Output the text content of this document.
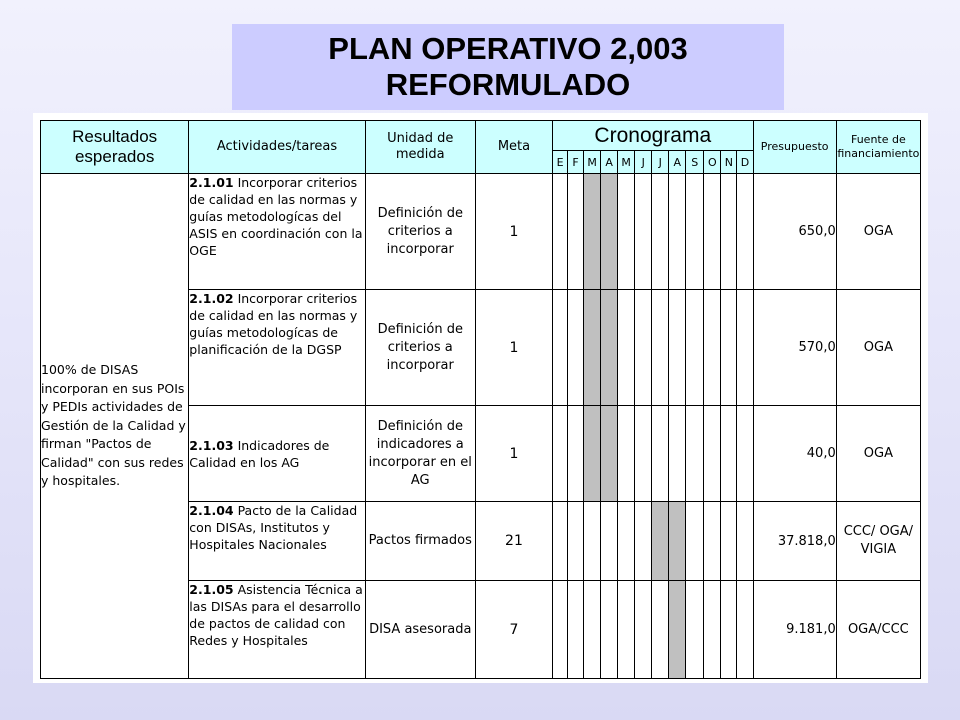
PLAN OPERATIVO 2,003
REFORMULADO
Resultados esperados	Actividades/tareas	Unidad de medida	Meta	Cronograma												Presupuesto	Fuente de financiamiento
				E	F	M	A	M	J	J	A	S	O	N	D		
100% de DISAS incorporan en sus POIs y PEDIs actividades de Gestión de la Calidad y firman "Pactos de Calidad" con sus redes y hospitales.	2.1.01 Incorporar criterios de calidad en las normas y guías metodologícas del ASIS en coordinación con la OGE	Definición de criterios a incorporar	1													650,0	OGA
	2.1.02 Incorporar criterios de calidad en las normas y guías metodologícas de planificación de la DGSP	Definición de criterios a incorporar	1													570,0	OGA
	2.1.03 Indicadores de Calidad en los AG	Definición de indicadores a incorporar en el AG	1													40,0	OGA
	2.1.04 Pacto de la Calidad con DISAs, Institutos y Hospitales Nacionales	Pactos firmados	21													37.818,0	CCC/ OGA/ VIGIA
	2.1.05 Asistencia Técnica a las DISAs para el desarrollo de pactos de calidad con Redes y Hospitales	DISA asesorada	7													9.181,0	OGA/CCC
